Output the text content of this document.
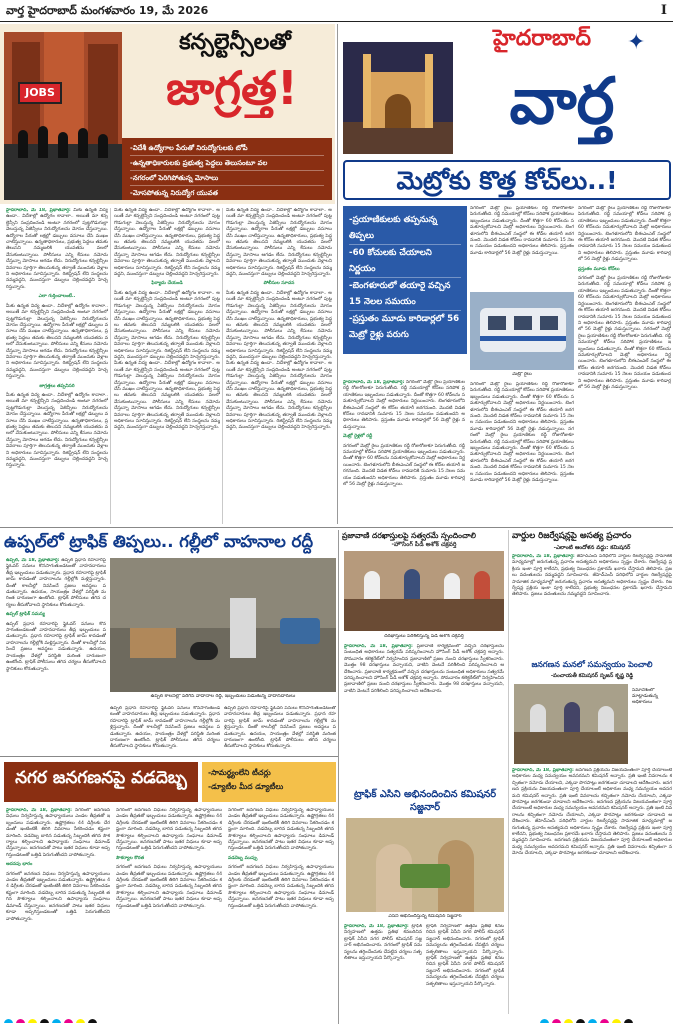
వార్త హైదరాబాద్ మంగళవారం 19, మే 2026	I
JOBS
కన్సల్టెన్సీలతో
జాగ్రత్త!
-విదేశీ ఉద్యోగాల పేరుతో నిరుద్యోగులకు టోపీ
-ఉన్నతాధికారులకు ప్రభుత్వ పెద్దలు తెలుసంటూ వల
-నగరంలో పెరిగిపోతున్న మోసాలు
-మోసపోతున్న నిరుద్యోగ యువత
హైదరాబాద్, మే 18, ప్రభాతవార్త: మీకు ఉన్నత విద్య ఉందా.. విదేశాల్లో ఉద్యోగం కావాలా.. అయితే మా కన్సల్టెన్సీని సంప్రదించండి అంటూ నగరంలో పుట్టగొడుగుల్లా వెలుస్తున్న ఏజెన్సీలు నిరుద్యోగులను మోసం చేస్తున్నాయి. ఉద్యోగాల పేరుతో లక్షల్లో డబ్బులు వసూలు చేసి ముఖం చాటేస్తున్నాయి. ఉన్నతాధికారులు, ప్రభుత్వ పెద్దలు తమకు తెలుసని నమ్మబలికి యువతను వలలో వేసుకుంటున్నాయి. పోలీసులు ఎన్ని కేసులు నమోదు చేస్తున్నా మోసాలు ఆగడం లేదు. నిరుద్యోగులు కన్సల్టెన్సీల వివరాలు పూర్తిగా తెలుసుకున్న తర్వాతే ముందుకు వెళ్లాలని అధికారులు సూచిస్తున్నారు. రిజిస్ట్రేషన్ లేని సంస్థలను నమ్మవద్దని, ముందస్తుగా డబ్బులు చెల్లించవద్దని హెచ్చరిస్తున్నారు.
ఎలా గుర్తించాలంటే..
మీకు ఉన్నత విద్య ఉందా.. విదేశాల్లో ఉద్యోగం కావాలా.. అయితే మా కన్సల్టెన్సీని సంప్రదించండి అంటూ నగరంలో పుట్టగొడుగుల్లా వెలుస్తున్న ఏజెన్సీలు నిరుద్యోగులను మోసం చేస్తున్నాయి. ఉద్యోగాల పేరుతో లక్షల్లో డబ్బులు వసూలు చేసి ముఖం చాటేస్తున్నాయి. ఉన్నతాధికారులు, ప్రభుత్వ పెద్దలు తమకు తెలుసని నమ్మబలికి యువతను వలలో వేసుకుంటున్నాయి. పోలీసులు ఎన్ని కేసులు నమోదు చేస్తున్నా మోసాలు ఆగడం లేదు. నిరుద్యోగులు కన్సల్టెన్సీల వివరాలు పూర్తిగా తెలుసుకున్న తర్వాతే ముందుకు వెళ్లాలని అధికారులు సూచిస్తున్నారు. రిజిస్ట్రేషన్ లేని సంస్థలను నమ్మవద్దని, ముందస్తుగా డబ్బులు చెల్లించవద్దని హెచ్చరిస్తున్నారు.
జాగ్రత్తలు తప్పనిసరి
మీకు ఉన్నత విద్య ఉందా.. విదేశాల్లో ఉద్యోగం కావాలా.. అయితే మా కన్సల్టెన్సీని సంప్రదించండి అంటూ నగరంలో పుట్టగొడుగుల్లా వెలుస్తున్న ఏజెన్సీలు నిరుద్యోగులను మోసం చేస్తున్నాయి. ఉద్యోగాల పేరుతో లక్షల్లో డబ్బులు వసూలు చేసి ముఖం చాటేస్తున్నాయి. ఉన్నతాధికారులు, ప్రభుత్వ పెద్దలు తమకు తెలుసని నమ్మబలికి యువతను వలలో వేసుకుంటున్నాయి. పోలీసులు ఎన్ని కేసులు నమోదు చేస్తున్నా మోసాలు ఆగడం లేదు. నిరుద్యోగులు కన్సల్టెన్సీల వివరాలు పూర్తిగా తెలుసుకున్న తర్వాతే ముందుకు వెళ్లాలని అధికారులు సూచిస్తున్నారు. రిజిస్ట్రేషన్ లేని సంస్థలను నమ్మవద్దని, ముందస్తుగా డబ్బులు చెల్లించవద్దని హెచ్చరిస్తున్నారు.
మీకు ఉన్నత విద్య ఉందా.. విదేశాల్లో ఉద్యోగం కావాలా.. అయితే మా కన్సల్టెన్సీని సంప్రదించండి అంటూ నగరంలో పుట్టగొడుగుల్లా వెలుస్తున్న ఏజెన్సీలు నిరుద్యోగులను మోసం చేస్తున్నాయి. ఉద్యోగాల పేరుతో లక్షల్లో డబ్బులు వసూలు చేసి ముఖం చాటేస్తున్నాయి. ఉన్నతాధికారులు, ప్రభుత్వ పెద్దలు తమకు తెలుసని నమ్మబలికి యువతను వలలో వేసుకుంటున్నాయి. పోలీసులు ఎన్ని కేసులు నమోదు చేస్తున్నా మోసాలు ఆగడం లేదు. నిరుద్యోగులు కన్సల్టెన్సీల వివరాలు పూర్తిగా తెలుసుకున్న తర్వాతే ముందుకు వెళ్లాలని అధికారులు సూచిస్తున్నారు. రిజిస్ట్రేషన్ లేని సంస్థలను నమ్మవద్దని, ముందస్తుగా డబ్బులు చెల్లించవద్దని హెచ్చరిస్తున్నారు.
ఫిర్యాదు చేయండి
మీకు ఉన్నత విద్య ఉందా.. విదేశాల్లో ఉద్యోగం కావాలా.. అయితే మా కన్సల్టెన్సీని సంప్రదించండి అంటూ నగరంలో పుట్టగొడుగుల్లా వెలుస్తున్న ఏజెన్సీలు నిరుద్యోగులను మోసం చేస్తున్నాయి. ఉద్యోగాల పేరుతో లక్షల్లో డబ్బులు వసూలు చేసి ముఖం చాటేస్తున్నాయి. ఉన్నతాధికారులు, ప్రభుత్వ పెద్దలు తమకు తెలుసని నమ్మబలికి యువతను వలలో వేసుకుంటున్నాయి. పోలీసులు ఎన్ని కేసులు నమోదు చేస్తున్నా మోసాలు ఆగడం లేదు. నిరుద్యోగులు కన్సల్టెన్సీల వివరాలు పూర్తిగా తెలుసుకున్న తర్వాతే ముందుకు వెళ్లాలని అధికారులు సూచిస్తున్నారు. రిజిస్ట్రేషన్ లేని సంస్థలను నమ్మవద్దని, ముందస్తుగా డబ్బులు చెల్లించవద్దని హెచ్చరిస్తున్నారు. మీకు ఉన్నత విద్య ఉందా.. విదేశాల్లో ఉద్యోగం కావాలా.. అయితే మా కన్సల్టెన్సీని సంప్రదించండి అంటూ నగరంలో పుట్టగొడుగుల్లా వెలుస్తున్న ఏజెన్సీలు నిరుద్యోగులను మోసం చేస్తున్నాయి. ఉద్యోగాల పేరుతో లక్షల్లో డబ్బులు వసూలు చేసి ముఖం చాటేస్తున్నాయి. ఉన్నతాధికారులు, ప్రభుత్వ పెద్దలు తమకు తెలుసని నమ్మబలికి యువతను వలలో వేసుకుంటున్నాయి. పోలీసులు ఎన్ని కేసులు నమోదు చేస్తున్నా మోసాలు ఆగడం లేదు. నిరుద్యోగులు కన్సల్టెన్సీల వివరాలు పూర్తిగా తెలుసుకున్న తర్వాతే ముందుకు వెళ్లాలని అధికారులు సూచిస్తున్నారు. రిజిస్ట్రేషన్ లేని సంస్థలను నమ్మవద్దని, ముందస్తుగా డబ్బులు చెల్లించవద్దని హెచ్చరిస్తున్నారు.
మీకు ఉన్నత విద్య ఉందా.. విదేశాల్లో ఉద్యోగం కావాలా.. అయితే మా కన్సల్టెన్సీని సంప్రదించండి అంటూ నగరంలో పుట్టగొడుగుల్లా వెలుస్తున్న ఏజెన్సీలు నిరుద్యోగులను మోసం చేస్తున్నాయి. ఉద్యోగాల పేరుతో లక్షల్లో డబ్బులు వసూలు చేసి ముఖం చాటేస్తున్నాయి. ఉన్నతాధికారులు, ప్రభుత్వ పెద్దలు తమకు తెలుసని నమ్మబలికి యువతను వలలో వేసుకుంటున్నాయి. పోలీసులు ఎన్ని కేసులు నమోదు చేస్తున్నా మోసాలు ఆగడం లేదు. నిరుద్యోగులు కన్సల్టెన్సీల వివరాలు పూర్తిగా తెలుసుకున్న తర్వాతే ముందుకు వెళ్లాలని అధికారులు సూచిస్తున్నారు. రిజిస్ట్రేషన్ లేని సంస్థలను నమ్మవద్దని, ముందస్తుగా డబ్బులు చెల్లించవద్దని హెచ్చరిస్తున్నారు.
పోలీసుల సూచన
మీకు ఉన్నత విద్య ఉందా.. విదేశాల్లో ఉద్యోగం కావాలా.. అయితే మా కన్సల్టెన్సీని సంప్రదించండి అంటూ నగరంలో పుట్టగొడుగుల్లా వెలుస్తున్న ఏజెన్సీలు నిరుద్యోగులను మోసం చేస్తున్నాయి. ఉద్యోగాల పేరుతో లక్షల్లో డబ్బులు వసూలు చేసి ముఖం చాటేస్తున్నాయి. ఉన్నతాధికారులు, ప్రభుత్వ పెద్దలు తమకు తెలుసని నమ్మబలికి యువతను వలలో వేసుకుంటున్నాయి. పోలీసులు ఎన్ని కేసులు నమోదు చేస్తున్నా మోసాలు ఆగడం లేదు. నిరుద్యోగులు కన్సల్టెన్సీల వివరాలు పూర్తిగా తెలుసుకున్న తర్వాతే ముందుకు వెళ్లాలని అధికారులు సూచిస్తున్నారు. రిజిస్ట్రేషన్ లేని సంస్థలను నమ్మవద్దని, ముందస్తుగా డబ్బులు చెల్లించవద్దని హెచ్చరిస్తున్నారు. మీకు ఉన్నత విద్య ఉందా.. విదేశాల్లో ఉద్యోగం కావాలా.. అయితే మా కన్సల్టెన్సీని సంప్రదించండి అంటూ నగరంలో పుట్టగొడుగుల్లా వెలుస్తున్న ఏజెన్సీలు నిరుద్యోగులను మోసం చేస్తున్నాయి. ఉద్యోగాల పేరుతో లక్షల్లో డబ్బులు వసూలు చేసి ముఖం చాటేస్తున్నాయి. ఉన్నతాధికారులు, ప్రభుత్వ పెద్దలు తమకు తెలుసని నమ్మబలికి యువతను వలలో వేసుకుంటున్నాయి. పోలీసులు ఎన్ని కేసులు నమోదు చేస్తున్నా మోసాలు ఆగడం లేదు. నిరుద్యోగులు కన్సల్టెన్సీల వివరాలు పూర్తిగా తెలుసుకున్న తర్వాతే ముందుకు వెళ్లాలని అధికారులు సూచిస్తున్నారు. రిజిస్ట్రేషన్ లేని సంస్థలను నమ్మవద్దని, ముందస్తుగా డబ్బులు చెల్లించవద్దని హెచ్చరిస్తున్నారు.
హైదరాబాద్	✦
వార్త
మెట్రోకు కొత్త కోచ్‌లు..!
-ప్రయాణికులకు తప్పనున్న తిప్పలు
-60 కోచులకు చేయాలని నిర్ణయం
-బెంగళూరులో తయారై వచ్చిన 15 నెలల సమయం
-ప్రస్తుతం మూడు కారిడార్లలో 56 మెట్రో రైళ్లు పరుగు
నగరంలో మెట్రో రైలు ప్రయాణికుల రద్దీ రోజురోజుకూ పెరుగుతోంది. రద్దీ సమయాల్లో కోచ్‌లు సరిపోక ప్రయాణికులు ఇబ్బందులు పడుతున్నారు. దీంతో కొత్తగా 60 కోచ్‌లను సమకూర్చుకోవాలని మెట్రో అధికారులు నిర్ణయించారు. బెంగళూరులోని బీఈఎంఎల్ సంస్థలో ఈ కోచ్‌ల తయారీ జరగనుంది. మొదటి విడత కోచ్‌లు రావడానికి సుమారు 15 నెలల సమయం పడుతుందని అధికారులు తెలిపారు. ప్రస్తుతం మూడు కారిడార్లలో 56 మెట్రో రైళ్లు నడుస్తున్నాయి.
మెట్రో రైలు
నగరంలో మెట్రో రైలు ప్రయాణికుల రద్దీ రోజురోజుకూ పెరుగుతోంది. రద్దీ సమయాల్లో కోచ్‌లు సరిపోక ప్రయాణికులు ఇబ్బందులు పడుతున్నారు. దీంతో కొత్తగా 60 కోచ్‌లను సమకూర్చుకోవాలని మెట్రో అధికారులు నిర్ణయించారు. బెంగళూరులోని బీఈఎంఎల్ సంస్థలో ఈ కోచ్‌ల తయారీ జరగనుంది. మొదటి విడత కోచ్‌లు రావడానికి సుమారు 15 నెలల సమయం పడుతుందని అధికారులు తెలిపారు. ప్రస్తుతం మూడు కారిడార్లలో 56 మెట్రో రైళ్లు నడుస్తున్నాయి.
ప్రస్తుతం మూడు కోచ్‌లు
నగరంలో మెట్రో రైలు ప్రయాణికుల రద్దీ రోజురోజుకూ పెరుగుతోంది. రద్దీ సమయాల్లో కోచ్‌లు సరిపోక ప్రయాణికులు ఇబ్బందులు పడుతున్నారు. దీంతో కొత్తగా 60 కోచ్‌లను సమకూర్చుకోవాలని మెట్రో అధికారులు నిర్ణయించారు. బెంగళూరులోని బీఈఎంఎల్ సంస్థలో ఈ కోచ్‌ల తయారీ జరగనుంది. మొదటి విడత కోచ్‌లు రావడానికి సుమారు 15 నెలల సమయం పడుతుందని అధికారులు తెలిపారు. ప్రస్తుతం మూడు కారిడార్లలో 56 మెట్రో రైళ్లు నడుస్తున్నాయి. నగరంలో మెట్రో రైలు ప్రయాణికుల రద్దీ రోజురోజుకూ పెరుగుతోంది. రద్దీ సమయాల్లో కోచ్‌లు సరిపోక ప్రయాణికులు ఇబ్బందులు పడుతున్నారు. దీంతో కొత్తగా 60 కోచ్‌లను సమకూర్చుకోవాలని మెట్రో అధికారులు నిర్ణయించారు. బెంగళూరులోని బీఈఎంఎల్ సంస్థలో ఈ కోచ్‌ల తయారీ జరగనుంది. మొదటి విడత కోచ్‌లు రావడానికి సుమారు 15 నెలల సమయం పడుతుందని అధికారులు తెలిపారు. ప్రస్తుతం మూడు కారిడార్లలో 56 మెట్రో రైళ్లు నడుస్తున్నాయి.
హైదరాబాద్, మే 18, ప్రభాతవార్త: నగరంలో మెట్రో రైలు ప్రయాణికుల రద్దీ రోజురోజుకూ పెరుగుతోంది. రద్దీ సమయాల్లో కోచ్‌లు సరిపోక ప్రయాణికులు ఇబ్బందులు పడుతున్నారు. దీంతో కొత్తగా 60 కోచ్‌లను సమకూర్చుకోవాలని మెట్రో అధికారులు నిర్ణయించారు. బెంగళూరులోని బీఈఎంఎల్ సంస్థలో ఈ కోచ్‌ల తయారీ జరగనుంది. మొదటి విడత కోచ్‌లు రావడానికి సుమారు 15 నెలల సమయం పడుతుందని అధికారులు తెలిపారు. ప్రస్తుతం మూడు కారిడార్లలో 56 మెట్రో రైళ్లు నడుస్తున్నాయి.
మెట్రో రైళ్లలో రద్దీ
నగరంలో మెట్రో రైలు ప్రయాణికుల రద్దీ రోజురోజుకూ పెరుగుతోంది. రద్దీ సమయాల్లో కోచ్‌లు సరిపోక ప్రయాణికులు ఇబ్బందులు పడుతున్నారు. దీంతో కొత్తగా 60 కోచ్‌లను సమకూర్చుకోవాలని మెట్రో అధికారులు నిర్ణయించారు. బెంగళూరులోని బీఈఎంఎల్ సంస్థలో ఈ కోచ్‌ల తయారీ జరగనుంది. మొదటి విడత కోచ్‌లు రావడానికి సుమారు 15 నెలల సమయం పడుతుందని అధికారులు తెలిపారు. ప్రస్తుతం మూడు కారిడార్లలో 56 మెట్రో రైళ్లు నడుస్తున్నాయి.
నగరంలో మెట్రో రైలు ప్రయాణికుల రద్దీ రోజురోజుకూ పెరుగుతోంది. రద్దీ సమయాల్లో కోచ్‌లు సరిపోక ప్రయాణికులు ఇబ్బందులు పడుతున్నారు. దీంతో కొత్తగా 60 కోచ్‌లను సమకూర్చుకోవాలని మెట్రో అధికారులు నిర్ణయించారు. బెంగళూరులోని బీఈఎంఎల్ సంస్థలో ఈ కోచ్‌ల తయారీ జరగనుంది. మొదటి విడత కోచ్‌లు రావడానికి సుమారు 15 నెలల సమయం పడుతుందని అధికారులు తెలిపారు. ప్రస్తుతం మూడు కారిడార్లలో 56 మెట్రో రైళ్లు నడుస్తున్నాయి. నగరంలో మెట్రో రైలు ప్రయాణికుల రద్దీ రోజురోజుకూ పెరుగుతోంది. రద్దీ సమయాల్లో కోచ్‌లు సరిపోక ప్రయాణికులు ఇబ్బందులు పడుతున్నారు. దీంతో కొత్తగా 60 కోచ్‌లను సమకూర్చుకోవాలని మెట్రో అధికారులు నిర్ణయించారు. బెంగళూరులోని బీఈఎంఎల్ సంస్థలో ఈ కోచ్‌ల తయారీ జరగనుంది. మొదటి విడత కోచ్‌లు రావడానికి సుమారు 15 నెలల సమయం పడుతుందని అధికారులు తెలిపారు. ప్రస్తుతం మూడు కారిడార్లలో 56 మెట్రో రైళ్లు నడుస్తున్నాయి.
ఉప్పల్‌లో ట్రాఫిక్ తిప్పలు.. గల్లీలో వాహనాల రద్దీ
ఉప్పల్, మే 18, ప్రభాతవార్త: ఉప్పల్ ప్రధాన రహదారిపై ఫ్లైఓవర్ పనులు కొనసాగుతుండటంతో వాహనదారులు తీవ్ర ఇబ్బందులు పడుతున్నారు. ప్రధాన రహదారిపై ట్రాఫిక్ జామ్ కావడంతో వాహనాలను గల్లీల్లోకి మళ్లిస్తున్నారు. దీంతో కాలనీల్లో నివసించే ప్రజలు అవస్థలు పడుతున్నారు. ఉదయం, సాయంత్రం వేళల్లో పరిస్థితి మరింత దారుణంగా ఉంటోంది. ట్రాఫిక్ పోలీసులు తగిన చర్యలు తీసుకోవాలని స్థానికులు కోరుతున్నారు.
ఉప్పల్ ట్రాఫిక్ సమస్య
ఉప్పల్ ప్రధాన రహదారిపై ఫ్లైఓవర్ పనులు కొనసాగుతుండటంతో వాహనదారులు తీవ్ర ఇబ్బందులు పడుతున్నారు. ప్రధాన రహదారిపై ట్రాఫిక్ జామ్ కావడంతో వాహనాలను గల్లీల్లోకి మళ్లిస్తున్నారు. దీంతో కాలనీల్లో నివసించే ప్రజలు అవస్థలు పడుతున్నారు. ఉదయం, సాయంత్రం వేళల్లో పరిస్థితి మరింత దారుణంగా ఉంటోంది. ట్రాఫిక్ పోలీసులు తగిన చర్యలు తీసుకోవాలని స్థానికులు కోరుతున్నారు.
ఉప్పల్ కాలనీల్లో పెరిగిన వాహనాల రద్దీ, ఇబ్బందులు పడుతున్న వాహనదారులు
ఉప్పల్ ప్రధాన రహదారిపై ఫ్లైఓవర్ పనులు కొనసాగుతుండటంతో వాహనదారులు తీవ్ర ఇబ్బందులు పడుతున్నారు. ప్రధాన రహదారిపై ట్రాఫిక్ జామ్ కావడంతో వాహనాలను గల్లీల్లోకి మళ్లిస్తున్నారు. దీంతో కాలనీల్లో నివసించే ప్రజలు అవస్థలు పడుతున్నారు. ఉదయం, సాయంత్రం వేళల్లో పరిస్థితి మరింత దారుణంగా ఉంటోంది. ట్రాఫిక్ పోలీసులు తగిన చర్యలు తీసుకోవాలని స్థానికులు కోరుతున్నారు.
ఉప్పల్ ప్రధాన రహదారిపై ఫ్లైఓవర్ పనులు కొనసాగుతుండటంతో వాహనదారులు తీవ్ర ఇబ్బందులు పడుతున్నారు. ప్రధాన రహదారిపై ట్రాఫిక్ జామ్ కావడంతో వాహనాలను గల్లీల్లోకి మళ్లిస్తున్నారు. దీంతో కాలనీల్లో నివసించే ప్రజలు అవస్థలు పడుతున్నారు. ఉదయం, సాయంత్రం వేళల్లో పరిస్థితి మరింత దారుణంగా ఉంటోంది. ట్రాఫిక్ పోలీసులు తగిన చర్యలు తీసుకోవాలని స్థానికులు కోరుతున్నారు.
ప్రజావాణి దరఖాస్తులపై సత్వరమే స్పందించాలి
-హౌసింగ్ పీడీ అశోక్ చక్రవర్తి
దరఖాస్తులు పరిశీలిస్తున్న పీడీ అశోక్ చక్రవర్తి
హైదరాబాద్, మే 18, ప్రభాతవార్త: ప్రజావాణి కార్యక్రమంలో వచ్చిన దరఖాస్తులను సంబంధిత అధికారులు సత్వరమే పరిష్కరించాలని హౌసింగ్ పీడీ అశోక్ చక్రవర్తి అన్నారు. సోమవారం కలెక్టరేట్‌లో నిర్వహించిన ప్రజావాణిలో ప్రజల నుంచి దరఖాస్తులు స్వీకరించారు. మొత్తం 98 దరఖాస్తులు వచ్చాయని, వాటిని వెంటనే పరిశీలించి పరిష్కరించాలని ఆదేశించారు. ప్రజావాణి కార్యక్రమంలో వచ్చిన దరఖాస్తులను సంబంధిత అధికారులు సత్వరమే పరిష్కరించాలని హౌసింగ్ పీడీ అశోక్ చక్రవర్తి అన్నారు. సోమవారం కలెక్టరేట్‌లో నిర్వహించిన ప్రజావాణిలో ప్రజల నుంచి దరఖాస్తులు స్వీకరించారు. మొత్తం 98 దరఖాస్తులు వచ్చాయని, వాటిని వెంటనే పరిశీలించి పరిష్కరించాలని ఆదేశించారు.
ట్రాఫిక్ ఎసిని అభినందించిన కమిషనర్ సజ్జనార్
ఏసీని అభినందిస్తున్న కమిషనర్ సజ్జనార్
హైదరాబాద్, మే 18, ప్రభాతవార్త: ట్రాఫిక్ నిర్వహణలో ఉత్తమ ప్రతిభ కనబరిచిన ట్రాఫిక్ ఏసీని నగర పోలీస్ కమిషనర్ సజ్జనార్ అభినందించారు. నగరంలో ట్రాఫిక్ సమస్యలను తగ్గించేందుకు చేపట్టిన చర్యలు సత్ఫలితాలు ఇస్తున్నాయని పేర్కొన్నారు.
ట్రాఫిక్ నిర్వహణలో ఉత్తమ ప్రతిభ కనబరిచిన ట్రాఫిక్ ఏసీని నగర పోలీస్ కమిషనర్ సజ్జనార్ అభినందించారు. నగరంలో ట్రాఫిక్ సమస్యలను తగ్గించేందుకు చేపట్టిన చర్యలు సత్ఫలితాలు ఇస్తున్నాయని పేర్కొన్నారు. ట్రాఫిక్ నిర్వహణలో ఉత్తమ ప్రతిభ కనబరిచిన ట్రాఫిక్ ఏసీని నగర పోలీస్ కమిషనర్ సజ్జనార్ అభినందించారు. నగరంలో ట్రాఫిక్ సమస్యలను తగ్గించేందుకు చేపట్టిన చర్యలు సత్ఫలితాలు ఇస్తున్నాయని పేర్కొన్నారు.
వార్డుల రిజర్వేషన్లపై అసత్య ప్రచారం
-ఎలాంటి ఆందోళన వద్దు: కమిషనర్
హైదరాబాద్, మే 18, ప్రభాతవార్త: జీహెచ్ఎంసీ పరిధిలోని వార్డుల రిజర్వేషన్లపై సామాజిక మాధ్యమాల్లో జరుగుతున్న ప్రచారం అసత్యమని అధికారులు స్పష్టం చేశారు. రిజర్వేషన్ల ప్రక్రియ ఇంకా పూర్తి కాలేదని, ప్రభుత్వ నిబంధనల ప్రకారమే ఖరారు చేస్తామని తెలిపారు. ప్రజలు వదంతులను నమ్మవద్దని సూచించారు. జీహెచ్ఎంసీ పరిధిలోని వార్డుల రిజర్వేషన్లపై సామాజిక మాధ్యమాల్లో జరుగుతున్న ప్రచారం అసత్యమని అధికారులు స్పష్టం చేశారు. రిజర్వేషన్ల ప్రక్రియ ఇంకా పూర్తి కాలేదని, ప్రభుత్వ నిబంధనల ప్రకారమే ఖరారు చేస్తామని తెలిపారు. ప్రజలు వదంతులను నమ్మవద్దని సూచించారు.
జనగణన మనలో సమన్వయం పెంచాలి
-పంచాయతీ కమిషనర్ సృజన్ కృష్ణ రెడ్డి
సమావేశంలో మాట్లాడుతున్న అధికారులు
హైదరాబాద్, మే 18, ప్రభాతవార్త: జనగణన ప్రక్రియను విజయవంతంగా పూర్తి చేయాలంటే అధికారుల మధ్య సమన్వయం అవసరమని కమిషనర్ అన్నారు. ప్రతి ఇంటి వివరాలను కచ్చితంగా నమోదు చేయాలని, ఎక్కడా పొరపాట్లు జరగకుండా చూడాలని ఆదేశించారు. జనగణన ప్రక్రియను విజయవంతంగా పూర్తి చేయాలంటే అధికారుల మధ్య సమన్వయం అవసరమని కమిషనర్ అన్నారు. ప్రతి ఇంటి వివరాలను కచ్చితంగా నమోదు చేయాలని, ఎక్కడా పొరపాట్లు జరగకుండా చూడాలని ఆదేశించారు. జనగణన ప్రక్రియను విజయవంతంగా పూర్తి చేయాలంటే అధికారుల మధ్య సమన్వయం అవసరమని కమిషనర్ అన్నారు. ప్రతి ఇంటి వివరాలను కచ్చితంగా నమోదు చేయాలని, ఎక్కడా పొరపాట్లు జరగకుండా చూడాలని ఆదేశించారు. జీహెచ్ఎంసీ పరిధిలోని వార్డుల రిజర్వేషన్లపై సామాజిక మాధ్యమాల్లో జరుగుతున్న ప్రచారం అసత్యమని అధికారులు స్పష్టం చేశారు. రిజర్వేషన్ల ప్రక్రియ ఇంకా పూర్తి కాలేదని, ప్రభుత్వ నిబంధనల ప్రకారమే ఖరారు చేస్తామని తెలిపారు. ప్రజలు వదంతులను నమ్మవద్దని సూచించారు. జనగణన ప్రక్రియను విజయవంతంగా పూర్తి చేయాలంటే అధికారుల మధ్య సమన్వయం అవసరమని కమిషనర్ అన్నారు. ప్రతి ఇంటి వివరాలను కచ్చితంగా నమోదు చేయాలని, ఎక్కడా పొరపాట్లు జరగకుండా చూడాలని ఆదేశించారు.
నగర జనగణనపై వడదెబ్బ	-సామర్థ్యంలేని టీచర్లు
-డ్యూటీల మీద డ్యూటీలు
హైదరాబాద్, మే 18, ప్రభాతవార్త: నగరంలో జనగణన విధులు నిర్వహిస్తున్న ఉపాధ్యాయులు ఎండల తీవ్రతతో ఇబ్బందులు పడుతున్నారు. ఉష్ణోగ్రతలు 44 డిగ్రీలకు చేరడంతో ఇంటింటికీ తిరిగి వివరాలు సేకరించడం కష్టంగా మారింది. వడదెబ్బ బారిన పడుతున్న సిబ్బందికి తగిన సౌకర్యాలు కల్పించాలని ఉపాధ్యాయ సంఘాలు డిమాండ్ చేస్తున్నాయి. జనగణనతో పాటు ఇతర విధులు కూడా అప్పగిస్తుండటంతో ఒత్తిడి పెరుగుతోందని వాపోతున్నారు.
అదనపు భారం
నగరంలో జనగణన విధులు నిర్వహిస్తున్న ఉపాధ్యాయులు ఎండల తీవ్రతతో ఇబ్బందులు పడుతున్నారు. ఉష్ణోగ్రతలు 44 డిగ్రీలకు చేరడంతో ఇంటింటికీ తిరిగి వివరాలు సేకరించడం కష్టంగా మారింది. వడదెబ్బ బారిన పడుతున్న సిబ్బందికి తగిన సౌకర్యాలు కల్పించాలని ఉపాధ్యాయ సంఘాలు డిమాండ్ చేస్తున్నాయి. జనగణనతో పాటు ఇతర విధులు కూడా అప్పగిస్తుండటంతో ఒత్తిడి పెరుగుతోందని వాపోతున్నారు.
నగరంలో జనగణన విధులు నిర్వహిస్తున్న ఉపాధ్యాయులు ఎండల తీవ్రతతో ఇబ్బందులు పడుతున్నారు. ఉష్ణోగ్రతలు 44 డిగ్రీలకు చేరడంతో ఇంటింటికీ తిరిగి వివరాలు సేకరించడం కష్టంగా మారింది. వడదెబ్బ బారిన పడుతున్న సిబ్బందికి తగిన సౌకర్యాలు కల్పించాలని ఉపాధ్యాయ సంఘాలు డిమాండ్ చేస్తున్నాయి. జనగణనతో పాటు ఇతర విధులు కూడా అప్పగిస్తుండటంతో ఒత్తిడి పెరుగుతోందని వాపోతున్నారు.
సౌకర్యాల కొరత
నగరంలో జనగణన విధులు నిర్వహిస్తున్న ఉపాధ్యాయులు ఎండల తీవ్రతతో ఇబ్బందులు పడుతున్నారు. ఉష్ణోగ్రతలు 44 డిగ్రీలకు చేరడంతో ఇంటింటికీ తిరిగి వివరాలు సేకరించడం కష్టంగా మారింది. వడదెబ్బ బారిన పడుతున్న సిబ్బందికి తగిన సౌకర్యాలు కల్పించాలని ఉపాధ్యాయ సంఘాలు డిమాండ్ చేస్తున్నాయి. జనగణనతో పాటు ఇతర విధులు కూడా అప్పగిస్తుండటంతో ఒత్తిడి పెరుగుతోందని వాపోతున్నారు.
నగరంలో జనగణన విధులు నిర్వహిస్తున్న ఉపాధ్యాయులు ఎండల తీవ్రతతో ఇబ్బందులు పడుతున్నారు. ఉష్ణోగ్రతలు 44 డిగ్రీలకు చేరడంతో ఇంటింటికీ తిరిగి వివరాలు సేకరించడం కష్టంగా మారింది. వడదెబ్బ బారిన పడుతున్న సిబ్బందికి తగిన సౌకర్యాలు కల్పించాలని ఉపాధ్యాయ సంఘాలు డిమాండ్ చేస్తున్నాయి. జనగణనతో పాటు ఇతర విధులు కూడా అప్పగిస్తుండటంతో ఒత్తిడి పెరుగుతోందని వాపోతున్నారు.
వడదెబ్బ ముప్పు
నగరంలో జనగణన విధులు నిర్వహిస్తున్న ఉపాధ్యాయులు ఎండల తీవ్రతతో ఇబ్బందులు పడుతున్నారు. ఉష్ణోగ్రతలు 44 డిగ్రీలకు చేరడంతో ఇంటింటికీ తిరిగి వివరాలు సేకరించడం కష్టంగా మారింది. వడదెబ్బ బారిన పడుతున్న సిబ్బందికి తగిన సౌకర్యాలు కల్పించాలని ఉపాధ్యాయ సంఘాలు డిమాండ్ చేస్తున్నాయి. జనగణనతో పాటు ఇతర విధులు కూడా అప్పగిస్తుండటంతో ఒత్తిడి పెరుగుతోందని వాపోతున్నారు.
